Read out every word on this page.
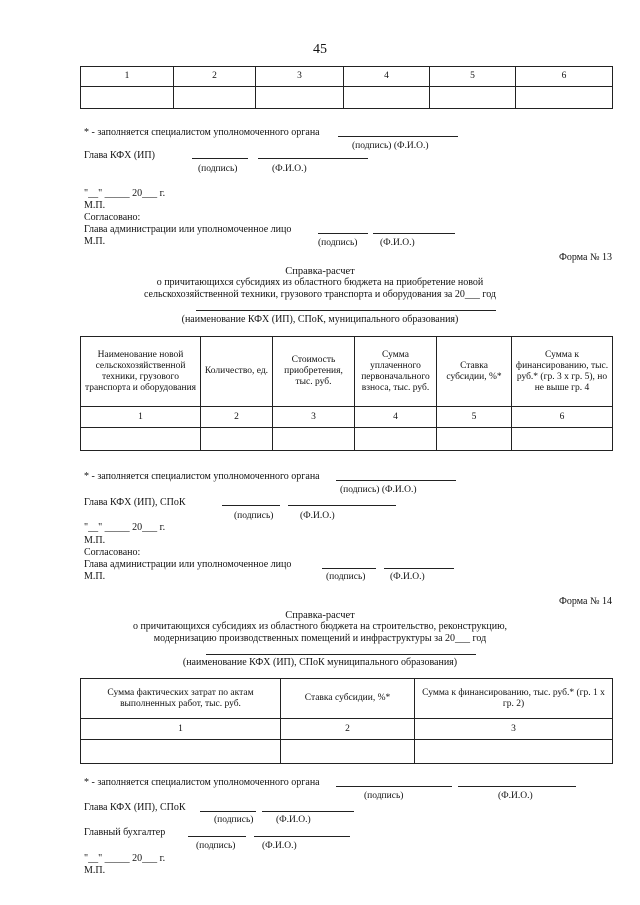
45
1	2	3	4	5	6

* - заполняется специалистом уполномоченного органа
(подпись) (Ф.И.О.)
Глава КФХ (ИП)
(подпись)	(Ф.И.О.)
"__" _____ 20___ г.
М.П.
Согласовано:
Глава администрации или уполномоченное лицо
М.П.	(подпись) (Ф.И.О.)
Форма № 13
Справка-расчет
о причитающихся субсидиях из областного бюджета на приобретение новой
сельскохозяйственной техники, грузового транспорта и оборудования за 20___ год
(наименование КФХ (ИП), СПоК, муниципального образования)
Наименование новой сельскохозяйственной техники, грузового транспорта и оборудования	Количество, ед.	Стоимость приобретения, тыс. руб.	Сумма уплаченного первоначального взноса, тыс. руб.	Ставка субсидии, %*	Сумма к финансированию, тыс. руб.* (гр. 3 х гр. 5), но не выше гр. 4
1	2	3	4	5	6

* - заполняется специалистом уполномоченного органа
(подпись) (Ф.И.О.)
Глава КФХ (ИП), СПоК
(подпись)	(Ф.И.О.)
"__" _____ 20___ г.
М.П.
Согласовано:
Глава администрации или уполномоченное лицо
М.П.	(подпись)	(Ф.И.О.)
Форма № 14
Справка-расчет
о причитающихся субсидиях из областного бюджета на строительство, реконструкцию,
модернизацию производственных помещений и инфраструктуры за 20___ год
(наименование КФХ (ИП), СПоК муниципального образования)
Сумма фактических затрат по актам выполненных работ, тыс. руб.	Ставка субсидии, %*	Сумма к финансированию, тыс. руб.* (гр. 1 х гр. 2)
1	2	3

* - заполняется специалистом уполномоченного органа
(подпись)	(Ф.И.О.)
Глава КФХ (ИП), СПоК
(подпись) (Ф.И.О.)
Главный бухгалтер
(подпись)	(Ф.И.О.)
"__" _____ 20___ г.
М.П.
